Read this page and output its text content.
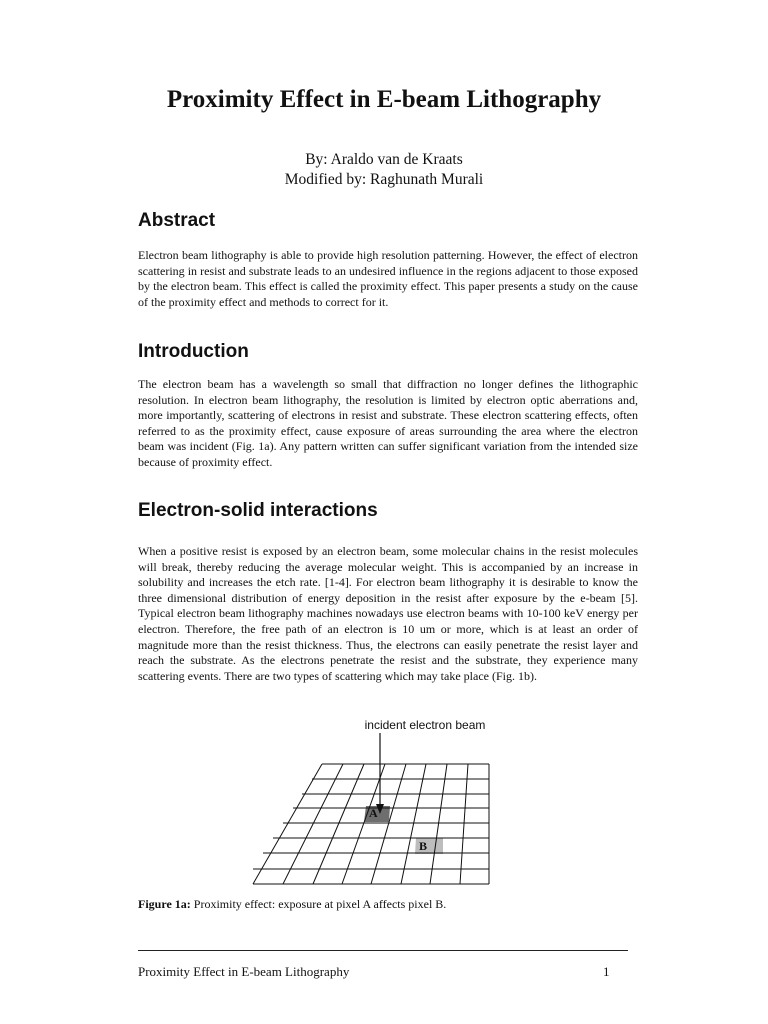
Proximity Effect in E-beam Lithography

By: Araldo van de Kraats

Modified by: Raghunath Murali

Abstract

Electron beam lithography is able to provide high resolution patterning. However, the effect of electron scattering in resist and substrate leads to an undesired influence in the regions adjacent to those exposed by the electron beam. This effect is called the proximity effect. This paper presents a study on the cause of the proximity effect and methods to correct for it.

Introduction

The electron beam has a wavelength so small that diffraction no longer defines the lithographic resolution. In electron beam lithography, the resolution is limited by electron optic aberrations and, more importantly, scattering of electrons in resist and substrate. These electron scattering effects, often referred to as the proximity effect, cause exposure of areas surrounding the area where the electron beam was incident (Fig. 1a). Any pattern written can suffer significant variation from the intended size because of proximity effect.

Electron-solid interactions

When a positive resist is exposed by an electron beam, some molecular chains in the resist molecules will break, thereby reducing the average molecular weight. This is accompanied by an increase in solubility and increases the etch rate. [1-4]. For electron beam lithography it is desirable to know the three dimensional distribution of energy deposition in the resist after exposure by the e-beam [5]. Typical electron beam lithography machines nowadays use electron beams with 10-100 keV energy per electron. Therefore, the free path of an electron is 10 um or more, which is at least an order of magnitude more than the resist thickness. Thus, the electrons can easily penetrate the resist layer and reach the substrate. As the electrons penetrate the resist and the substrate, they experience many scattering events. There are two types of scattering which may take place (Fig. 1b).

incident electron beam
A
B

Figure 1a: Proximity effect: exposure at pixel A affects pixel B.

Proximity Effect in E-beam Lithography	1
